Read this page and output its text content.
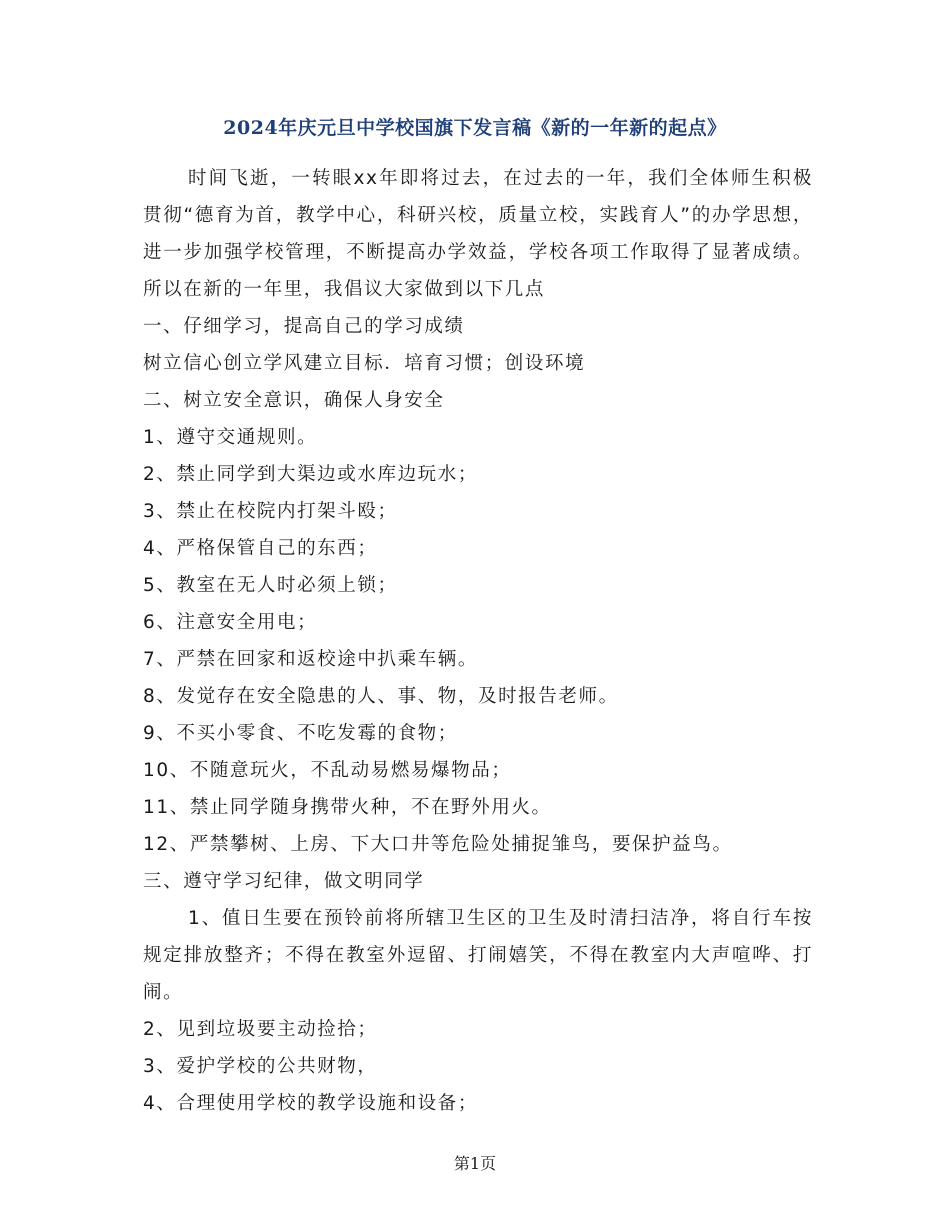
2024年庆元旦中学校国旗下发言稿《新的一年新的起点》

时间飞逝，一转眼xx年即将过去，在过去的一年，我们全体师生积极贯彻“德育为首，教学中心，科研兴校，质量立校，实践育人”的办学思想，进一步加强学校管理，不断提高办学效益，学校各项工作取得了显著成绩。所以在新的一年里，我倡议大家做到以下几点

一、仔细学习，提高自己的学习成绩

树立信心创立学风建立目标．培育习惯；创设环境

二、树立安全意识，确保人身安全

1、遵守交通规则。

2、禁止同学到大渠边或水库边玩水；

3、禁止在校院内打架斗殴；

4、严格保管自己的东西；

5、教室在无人时必须上锁；

6、注意安全用电；

7、严禁在回家和返校途中扒乘车辆。

8、发觉存在安全隐患的人、事、物，及时报告老师。

9、不买小零食、不吃发霉的食物；

10、不随意玩火，不乱动易燃易爆物品；

11、禁止同学随身携带火种，不在野外用火。

12、严禁攀树、上房、下大口井等危险处捕捉雏鸟，要保护益鸟。

三、遵守学习纪律，做文明同学

1、值日生要在预铃前将所辖卫生区的卫生及时清扫洁净，将自行车按规定排放整齐；不得在教室外逗留、打闹嬉笑，不得在教室内大声喧哗、打闹。

2、见到垃圾要主动捡拾；

3、爱护学校的公共财物，

4、合理使用学校的教学设施和设备；

第1页
